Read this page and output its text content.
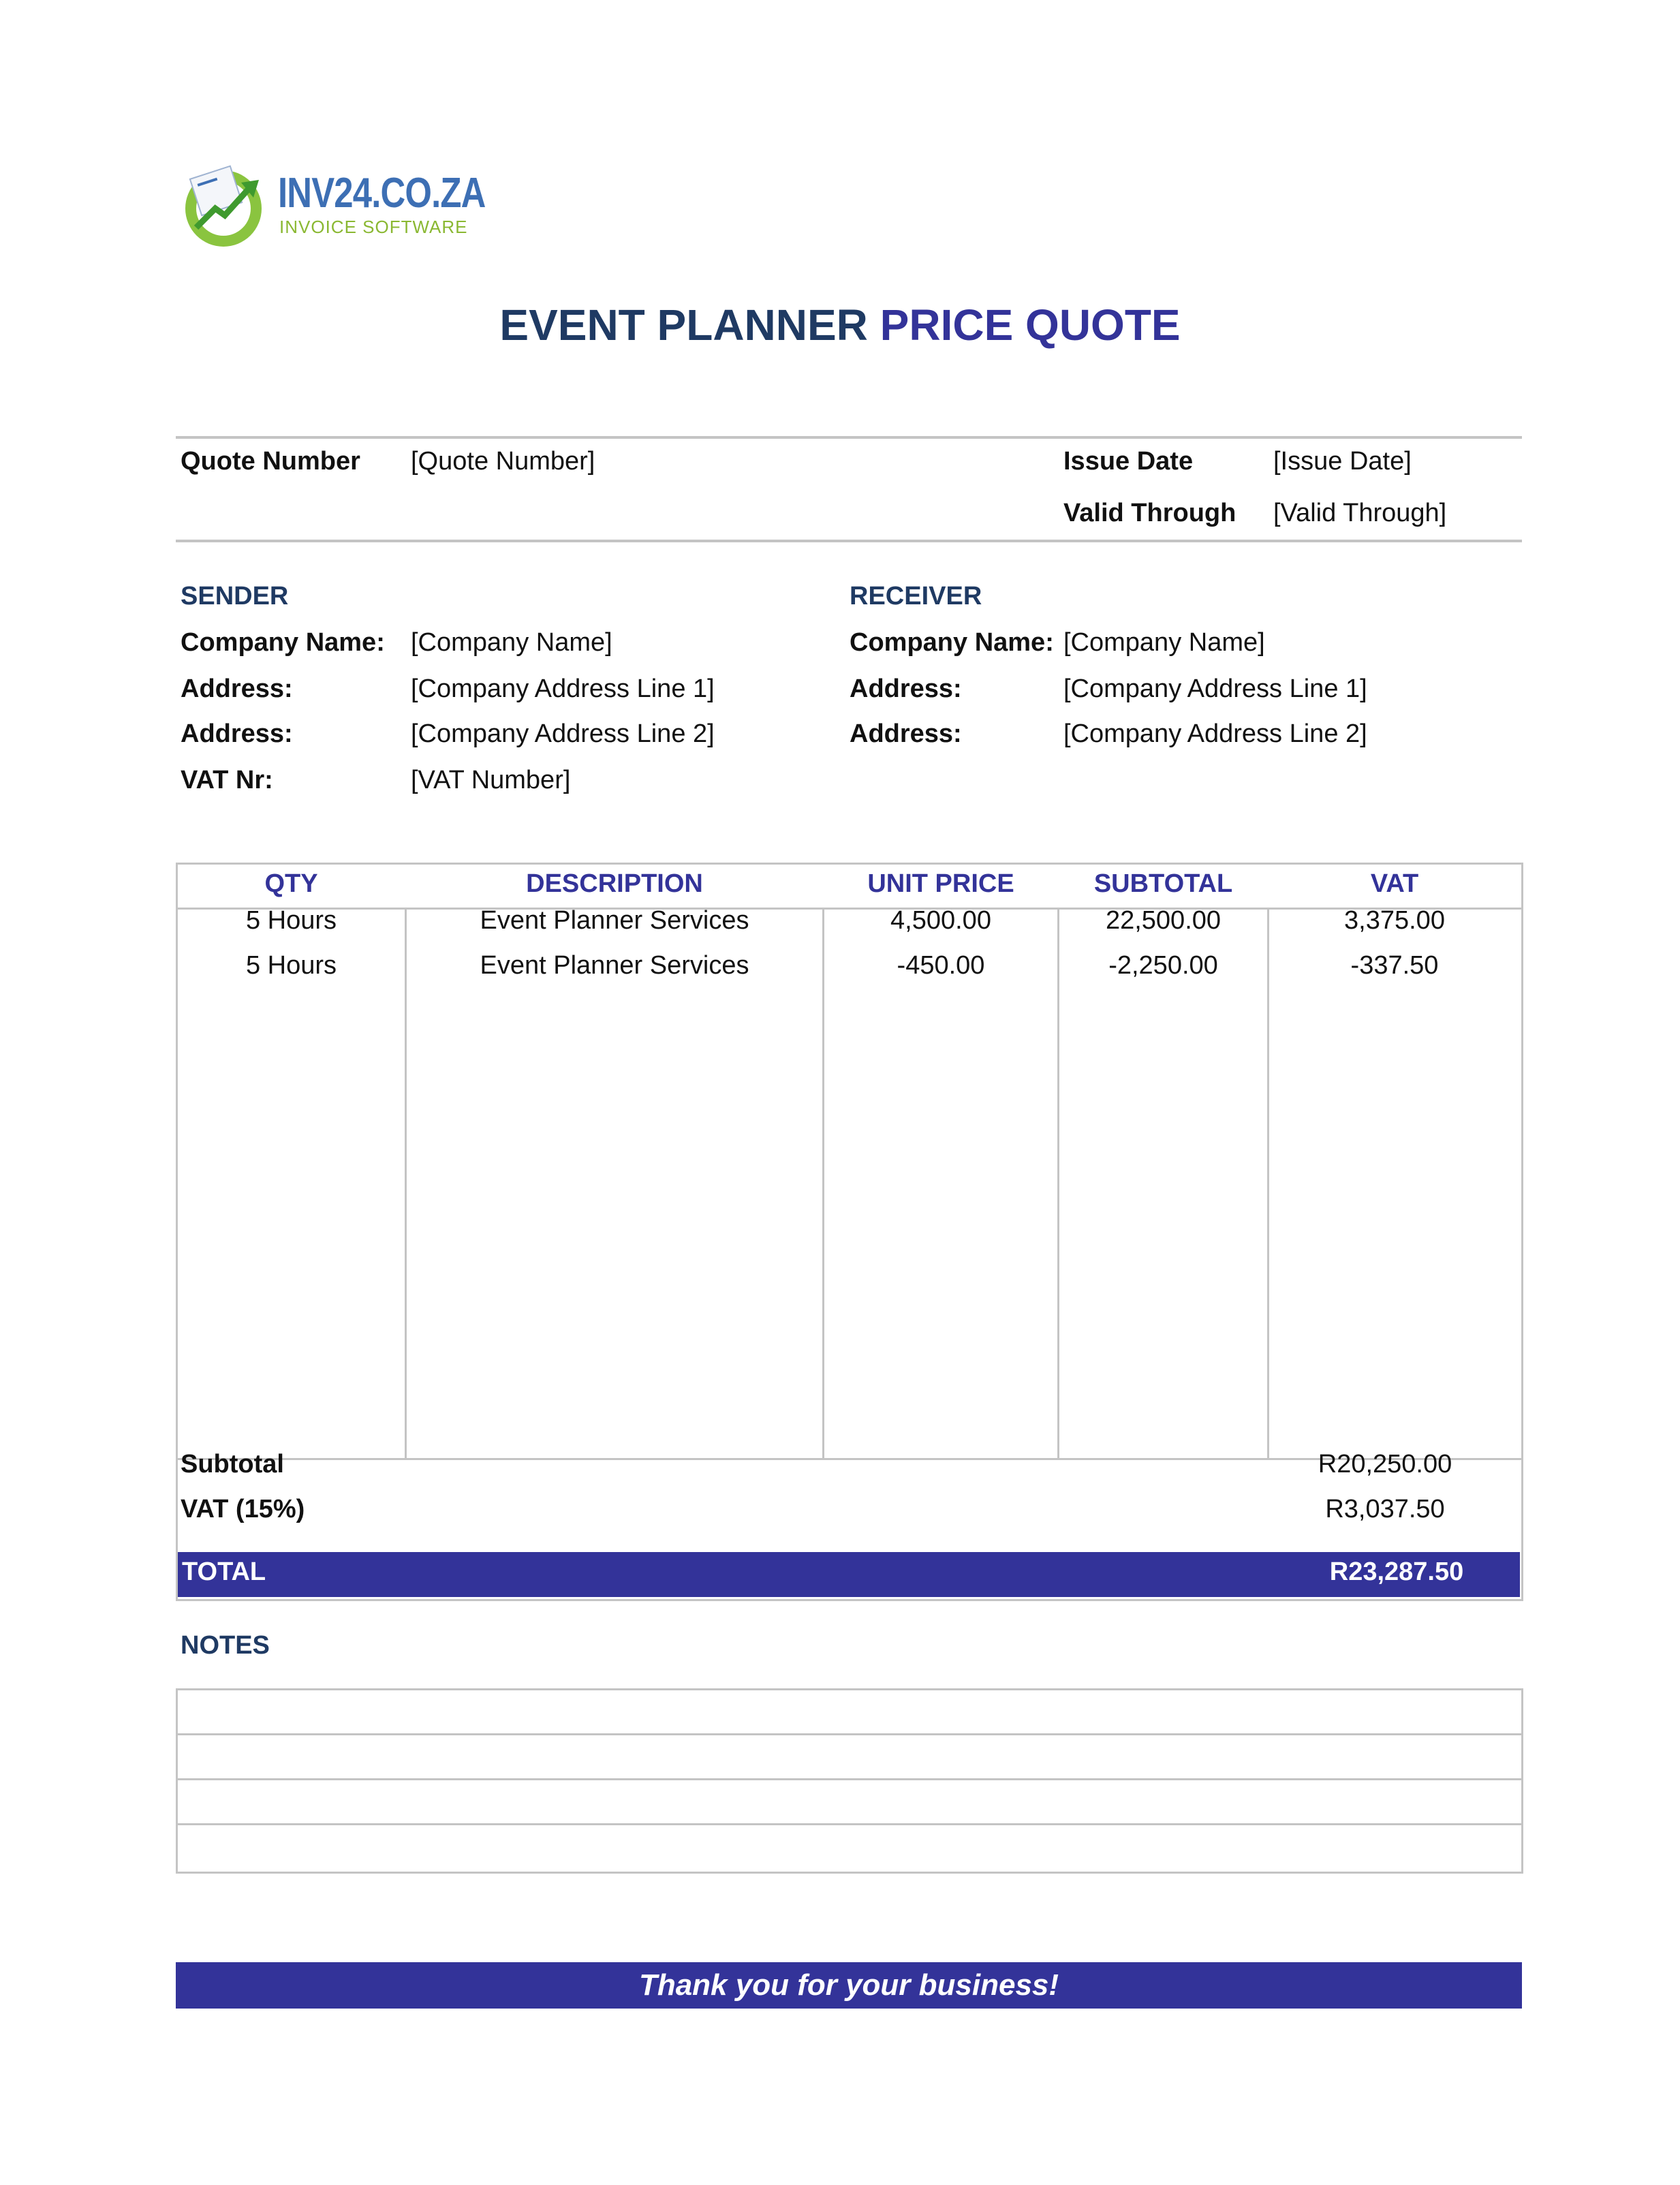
INV24.CO.ZA
INVOICE SOFTWARE
EVENT PLANNER PRICE QUOTE
Quote Number [Quote Number]	Issue Date	[Issue Date]
Valid Through [Valid Through]
SENDER
Company Name: [Company Name]
Address:	[Company Address Line 1]
Address:	[Company Address Line 2]
VAT Nr:	[VAT Number]
RECEIVER
Company Name: [Company Name]
Address:	[Company Address Line 1]
Address:	[Company Address Line 2]
QTY	DESCRIPTION	UNIT PRICE	SUBTOTAL	VAT
5 Hours	Event Planner Services	4,500.00	22,500.00	3,375.00
5 Hours	Event Planner Services	-450.00	-2,250.00	-337.50
Subtotal	R20,250.00
VAT (15%)	R3,037.50
TOTAL	R23,287.50
NOTES
Thank you for your business!
